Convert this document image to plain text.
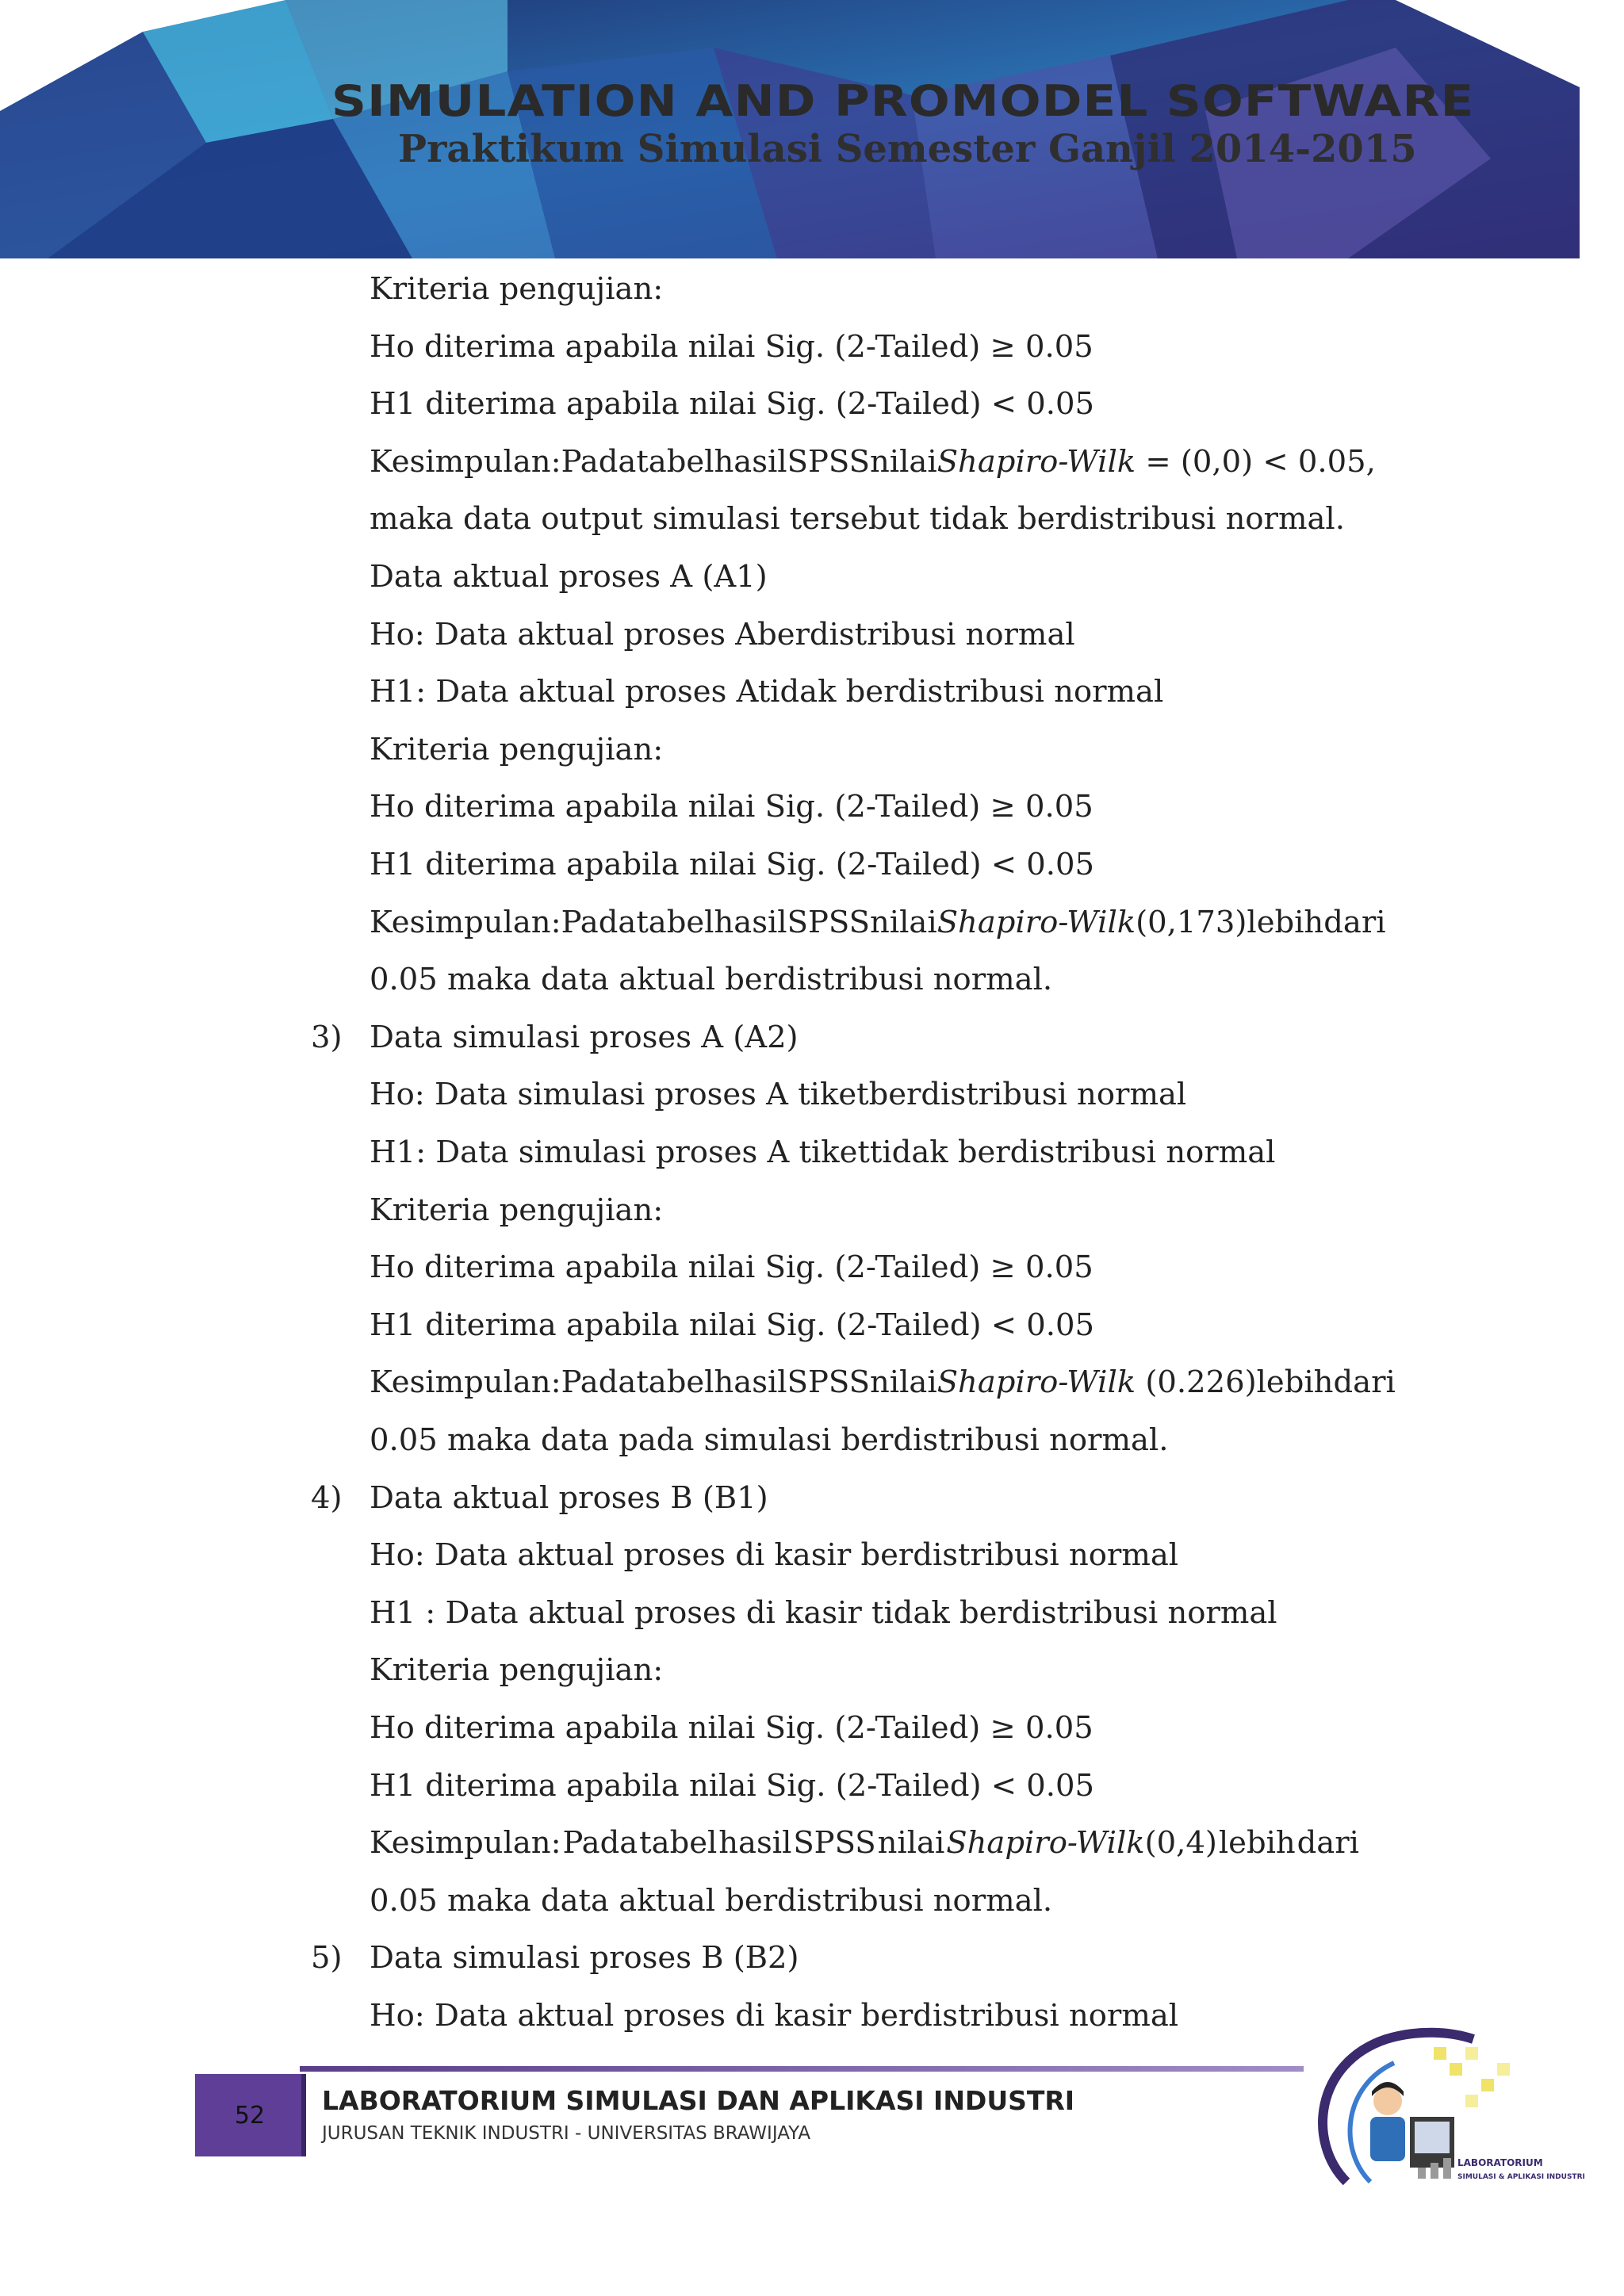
SIMULATION AND PROMODEL SOFTWARE
Praktikum Simulasi Semester Ganjil 2014-2015
Kriteria pengujian:
Ho diterima apabila nilai Sig. (2-Tailed) ≥ 0.05
H1 diterima apabila nilai Sig. (2-Tailed) < 0.05
Kesimpulan: Pada tabel hasil SPSS nilai Shapiro-Wilk = (0,0) < 0.05,
maka data output simulasi tersebut tidak berdistribusi normal.
Data aktual proses A (A1)
Ho: Data aktual proses Aberdistribusi normal
H1: Data aktual proses Atidak berdistribusi normal
Kriteria pengujian:
Ho diterima apabila nilai Sig. (2-Tailed) ≥ 0.05
H1 diterima apabila nilai Sig. (2-Tailed) < 0.05
Kesimpulan: Pada tabel hasil SPSS nilai Shapiro-Wilk(0,173) lebih dari
0.05 maka data aktual berdistribusi normal.
Data simulasi proses A (A2)
3)
Ho: Data simulasi proses A tiketberdistribusi normal
H1: Data simulasi proses A tikettidak berdistribusi normal
Kriteria pengujian:
Ho diterima apabila nilai Sig. (2-Tailed) ≥ 0.05
H1 diterima apabila nilai Sig. (2-Tailed) < 0.05
Kesimpulan: Pada tabel hasil SPSS nilai Shapiro-Wilk (0.226) lebih dari
0.05 maka data pada simulasi berdistribusi normal.
Data aktual proses B (B1)
4)
Ho: Data aktual proses di kasir berdistribusi normal
H1 : Data aktual proses di kasir tidak berdistribusi normal
Kriteria pengujian:
Ho diterima apabila nilai Sig. (2-Tailed) ≥ 0.05
H1 diterima apabila nilai Sig. (2-Tailed) < 0.05
Kesimpulan: Pada tabel hasil SPSS nilai Shapiro-Wilk(0,4) lebih dari
0.05 maka data aktual berdistribusi normal.
Data simulasi proses B (B2)
5)
Ho: Data aktual proses di kasir berdistribusi normal
52	LABORATORIUM SIMULASI DAN APLIKASI INDUSTRI
JURUSAN TEKNIK INDUSTRI - UNIVERSITAS BRAWIJAYA
LABORATORIUM
SIMULASI & APLIKASI INDUSTRI
